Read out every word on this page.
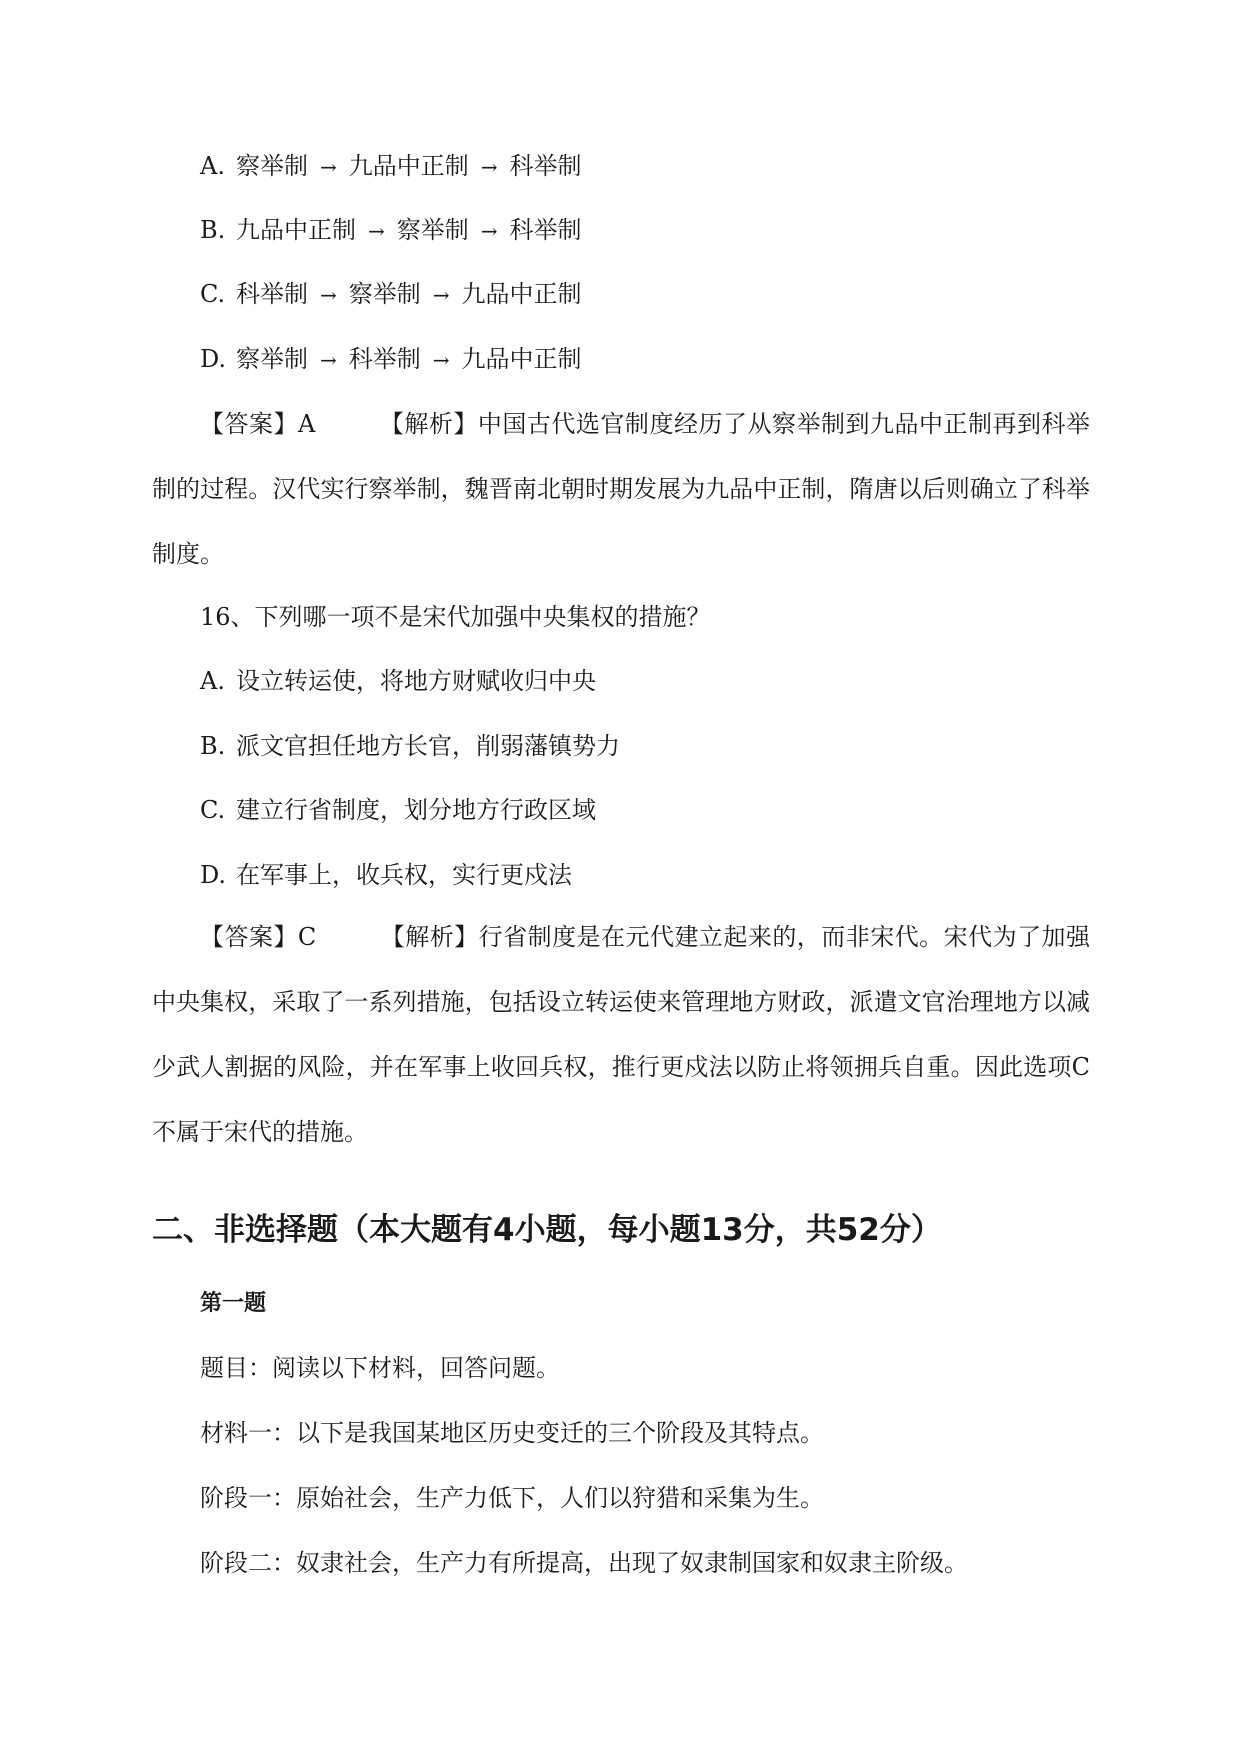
A. 察举制 → 九品中正制 → 科举制
B. 九品中正制 → 察举制 → 科举制
C. 科举制 → 察举制 → 九品中正制
D. 察举制 → 科举制 → 九品中正制
【答案】A	【解析】中国古代选官制度经历了从察举制到九品中正制再到科举制的过程。汉代实行察举制，魏晋南北朝时期发展为九品中正制，隋唐以后则确立了科举制度。
16、下列哪一项不是宋代加强中央集权的措施？
A. 设立转运使，将地方财赋收归中央
B. 派文官担任地方长官，削弱藩镇势力
C. 建立行省制度，划分地方行政区域
D. 在军事上，收兵权，实行更戍法
【答案】C	【解析】行省制度是在元代建立起来的，而非宋代。宋代为了加强中央集权，采取了一系列措施，包括设立转运使来管理地方财政，派遣文官治理地方以减少武人割据的风险，并在军事上收回兵权，推行更戍法以防止将领拥兵自重。因此选项C不属于宋代的措施。
二、非选择题（本大题有4小题，每小题13分，共52分）
第一题
题目：阅读以下材料，回答问题。
材料一：以下是我国某地区历史变迁的三个阶段及其特点。
阶段一：原始社会，生产力低下，人们以狩猎和采集为生。
阶段二：奴隶社会，生产力有所提高，出现了奴隶制国家和奴隶主阶级。
